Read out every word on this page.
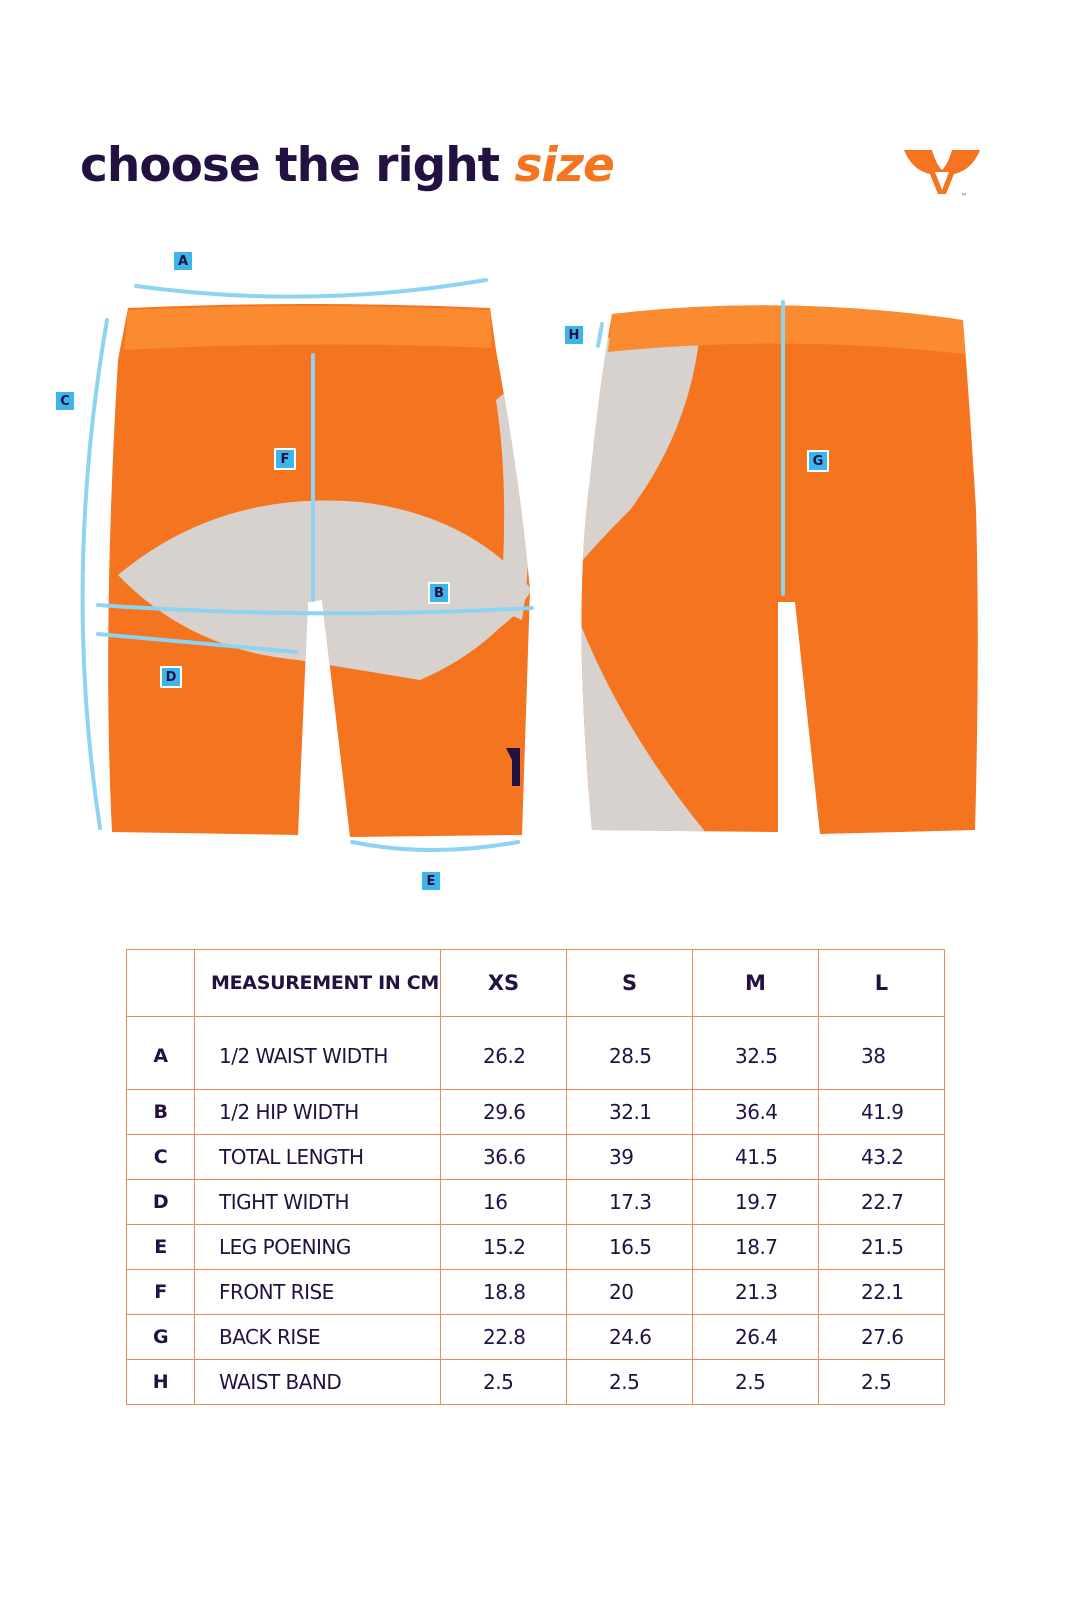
choose the right size
™
A
C
F
B
D
E
H
G
	MEASUREMENT IN CM	XS	S	M	L
A	1/2 WAIST WIDTH	26.2	28.5	32.5	38
B	1/2 HIP WIDTH	29.6	32.1	36.4	41.9
C	TOTAL LENGTH	36.6	39	41.5	43.2
D	TIGHT WIDTH	16	17.3	19.7	22.7
E	LEG POENING	15.2	16.5	18.7	21.5
F	FRONT RISE	18.8	20	21.3	22.1
G	BACK RISE	22.8	24.6	26.4	27.6
H	WAIST BAND	2.5	2.5	2.5	2.5
